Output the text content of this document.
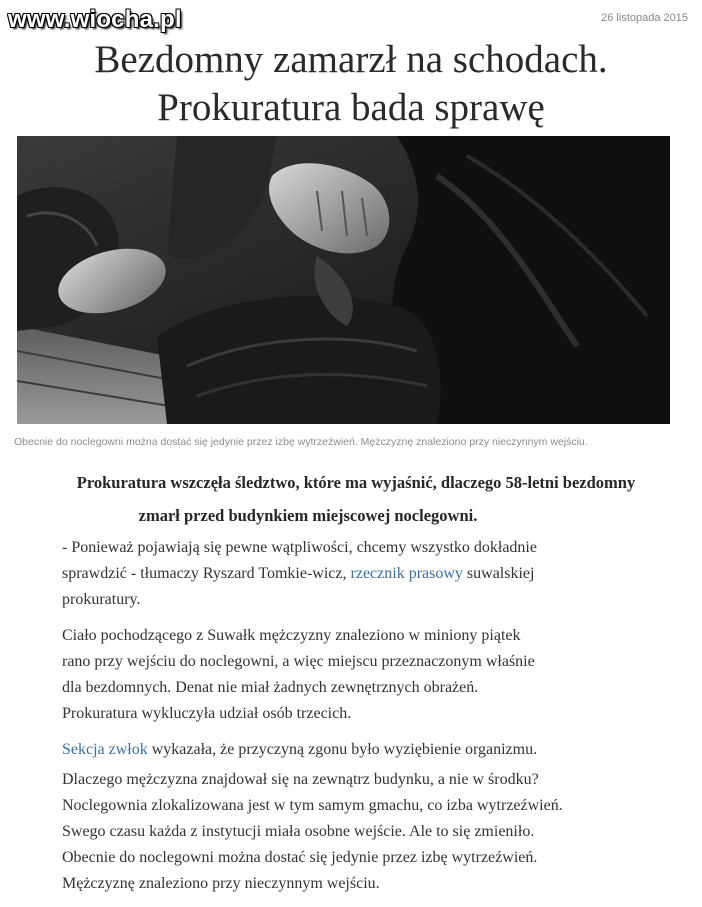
www.wiocha.pl	26 listopada 2015
Bezdomny zamarzł na schodach.
Prokuratura bada sprawę
Obecnie do noclegowni można dostać się jedynie przez izbę wytrzeźwień. Mężczyznę znaleziono przy nieczynnym wejściu.

Prokuratura wszczęła śledztwo, które ma wyjaśnić, dlaczego 58-letni bezdomny
zmarł przed budynkiem miejscowej noclegowni.

- Ponieważ pojawiają się pewne wątpliwości, chcemy wszystko dokładnie
sprawdzić - tłumaczy Ryszard Tomkie-wicz, rzecznik prasowy suwalskiej
prokuratury.

Ciało pochodzącego z Suwałk mężczyzny znaleziono w miniony piątek
rano przy wejściu do noclegowni, a więc miejscu przeznaczonym właśnie
dla bezdomnych. Denat nie miał żadnych zewnętrznych obrażeń.
Prokuratura wykluczyła udział osób trzecich.

Sekcja zwłok wykazała, że przyczyną zgonu było wyziębienie organizmu.

Dlaczego mężczyzna znajdował się na zewnątrz budynku, a nie w środku?
Noclegownia zlokalizowana jest w tym samym gmachu, co izba wytrzeźwień.
Swego czasu każda z instytucji miała osobne wejście. Ale to się zmieniło.
Obecnie do noclegowni można dostać się jedynie przez izbę wytrzeźwień.
Mężczyznę znaleziono przy nieczynnym wejściu.
